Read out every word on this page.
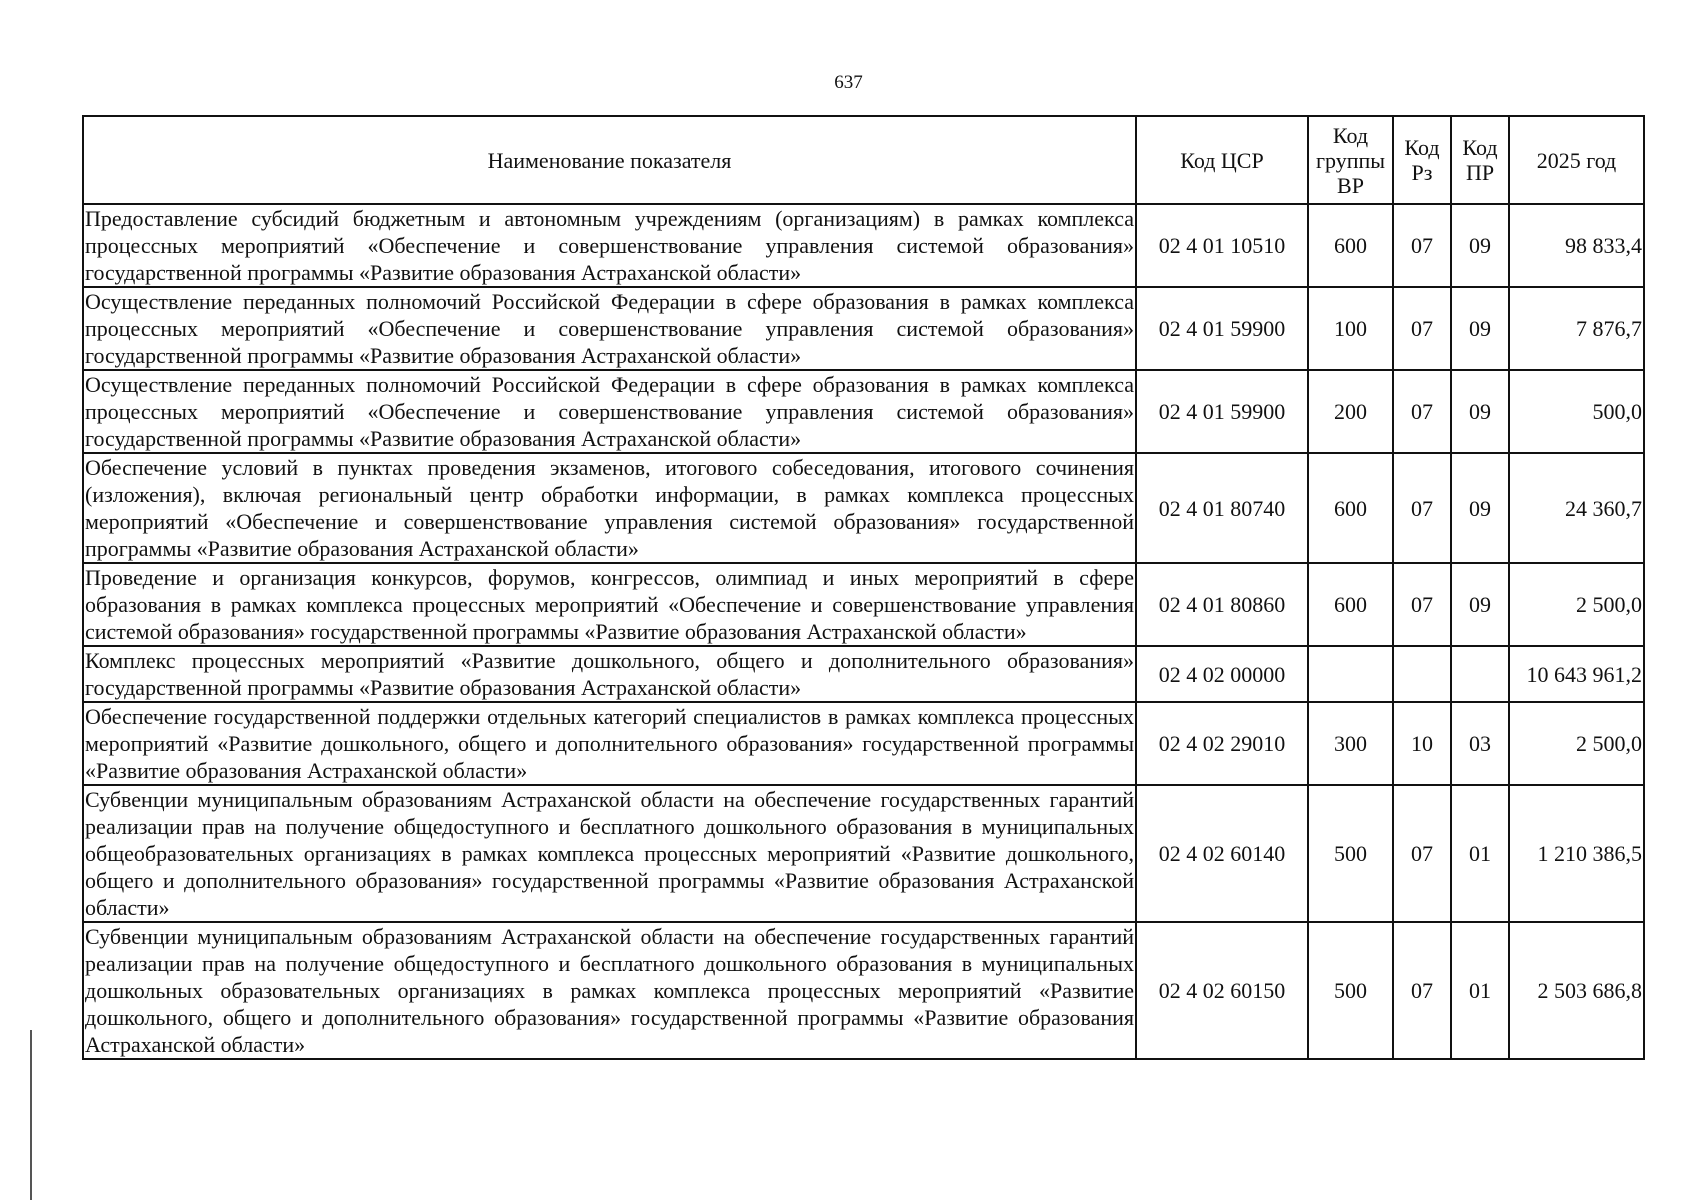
637
Наименование показателя	Код ЦСР	Код группы ВР	Код Рз	Код ПР	2025 год
Предоставление субсидий бюджетным и автономным учреждениям (организациям) в рамках комплекса процессных мероприятий «Обеспечение и совершенствование управления системой образования» государственной программы «Развитие образования Астраханской области»	02 4 01 10510	600	07	09	98 833,4
Осуществление переданных полномочий Российской Федерации в сфере образования в рамках комплекса процессных мероприятий «Обеспечение и совершенствование управления системой образования» государственной программы «Развитие образования Астраханской области»	02 4 01 59900	100	07	09	7 876,7
Осуществление переданных полномочий Российской Федерации в сфере образования в рамках комплекса процессных мероприятий «Обеспечение и совершенствование управления системой образования» государственной программы «Развитие образования Астраханской области»	02 4 01 59900	200	07	09	500,0
Обеспечение условий в пунктах проведения экзаменов, итогового собеседования, итогового сочинения (изложения), включая региональный центр обработки информации, в рамках комплекса процессных мероприятий «Обеспечение и совершенствование управления системой образования» государственной программы «Развитие образования Астраханской области»	02 4 01 80740	600	07	09	24 360,7
Проведение и организация конкурсов, форумов, конгрессов, олимпиад и иных мероприятий в сфере образования в рамках комплекса процессных мероприятий «Обеспечение и совершенствование управления системой образования» государственной программы «Развитие образования Астраханской области»	02 4 01 80860	600	07	09	2 500,0
Комплекс процессных мероприятий «Развитие дошкольного, общего и дополнительного образования» государственной программы «Развитие образования Астраханской области»	02 4 02 00000				10 643 961,2
Обеспечение государственной поддержки отдельных категорий специалистов в рамках комплекса процессных мероприятий «Развитие дошкольного, общего и дополнительного образования» государственной программы «Развитие образования Астраханской области»	02 4 02 29010	300	10	03	2 500,0
Субвенции муниципальным образованиям Астраханской области на обеспечение государственных гарантий реализации прав на получение общедоступного и бесплатного дошкольного образования в муниципальных общеобразовательных организациях в рамках комплекса процессных мероприятий «Развитие дошкольного, общего и дополнительного образования» государственной программы «Развитие образования Астраханской области»	02 4 02 60140	500	07	01	1 210 386,5
Субвенции муниципальным образованиям Астраханской области на обеспечение государственных гарантий реализации прав на получение общедоступного и бесплатного дошкольного образования в муниципальных дошкольных образовательных организациях в рамках комплекса процессных мероприятий «Развитие дошкольного, общего и дополнительного образования» государственной программы «Развитие образования Астраханской области»	02 4 02 60150	500	07	01	2 503 686,8
